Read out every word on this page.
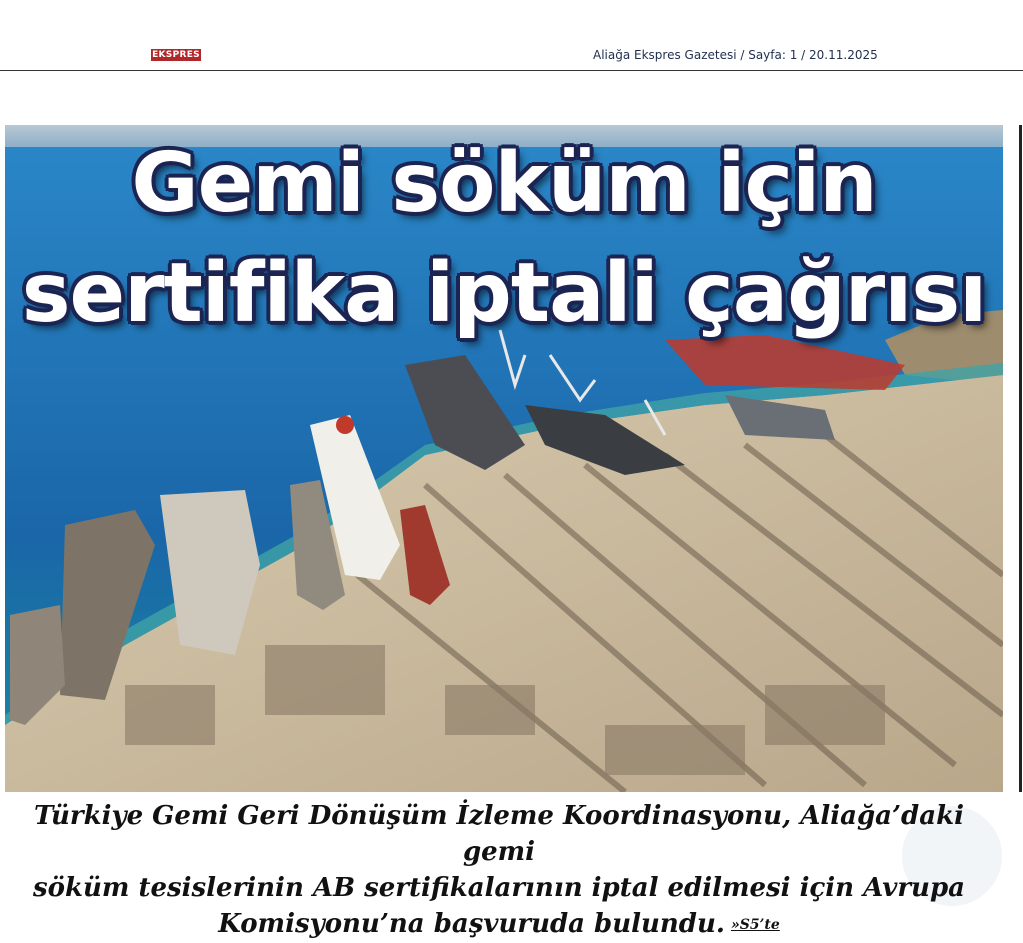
EKSPRES	Aliağa Ekspres Gazetesi / Sayfa: 1 / 20.11.2025
Gemi söküm için
sertifika iptali çağrısı
Türkiye Gemi Geri Dönüşüm İzleme Koordinasyonu, Aliağa’daki gemi
söküm tesislerinin AB sertifikalarının iptal edilmesi için Avrupa
Komisyonu’na başvuruda bulundu. »S5’te
